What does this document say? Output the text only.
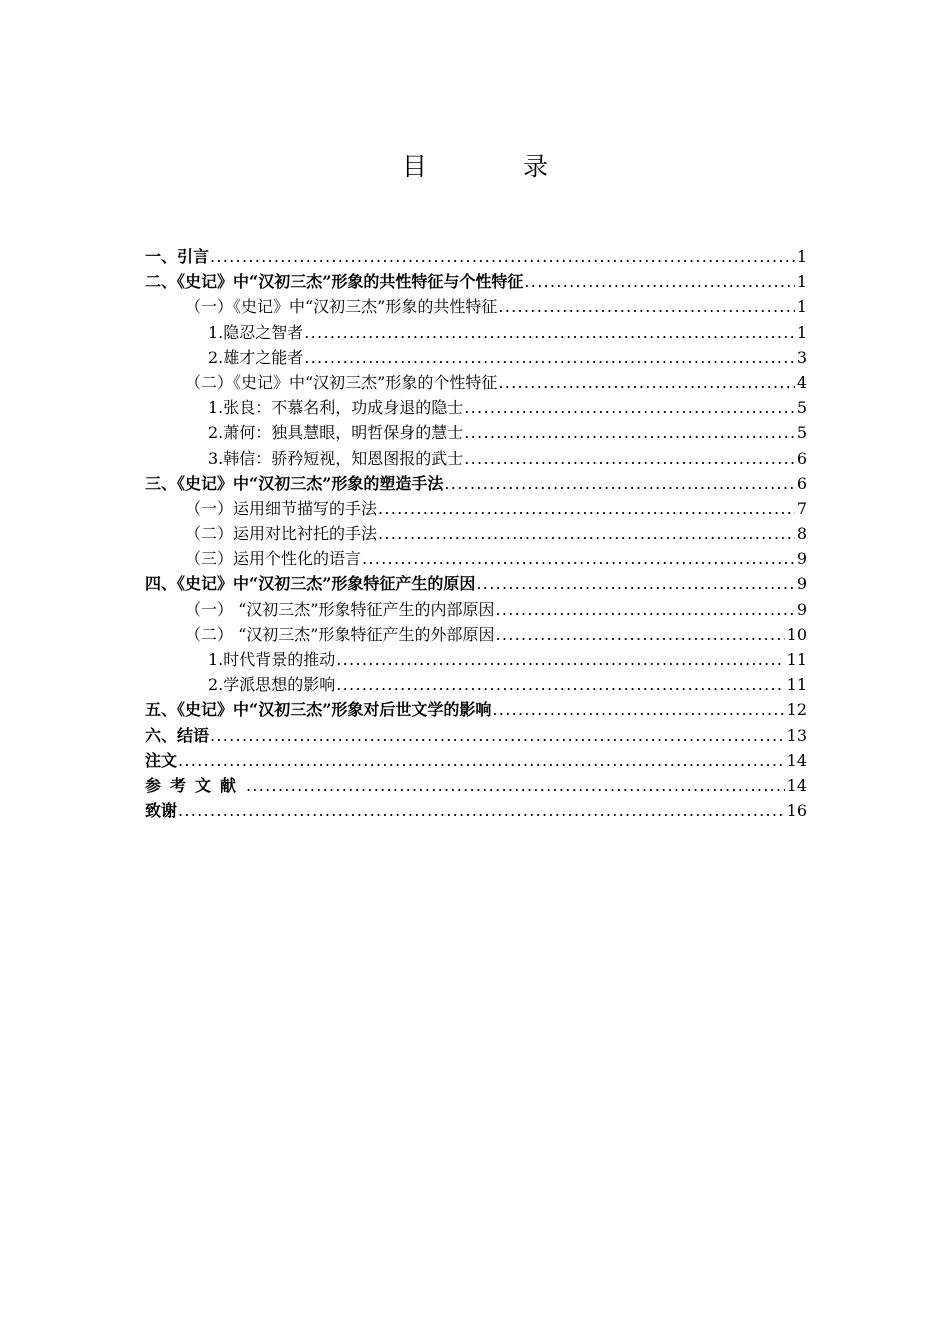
目 录
一、引言 .....	1
二、《史记》中“汉初三杰”形象的共性特征与个性特征 .....	1
（一）《史记》中“汉初三杰”形象的共性特征 .....	1
1.隐忍之智者 .....	1
2.雄才之能者 .....	3
（二）《史记》中“汉初三杰”形象的个性特征 .....	4
1.张良：不慕名利，功成身退的隐士 .....	5
2.萧何：独具慧眼，明哲保身的慧士 .....	5
3.韩信：骄矜短视，知恩图报的武士 .....	6
三、《史记》中“汉初三杰”形象的塑造手法 .....	6
（一）运用细节描写的手法 .....	7
（二）运用对比衬托的手法 .....	8
（三）运用个性化的语言 .....	9
四、《史记》中“汉初三杰”形象特征产生的原因 .....	9
（一） “汉初三杰”形象特征产生的内部原因 .....	9
（二） “汉初三杰”形象特征产生的外部原因 .....	10
1.时代背景的推动 .....	11
2.学派思想的影响 .....	11
五、《史记》中“汉初三杰”形象对后世文学的影响 .....	12
六、结语 .....	13
注文 .....	14
参考文献 .....	14
致谢 .....	16
